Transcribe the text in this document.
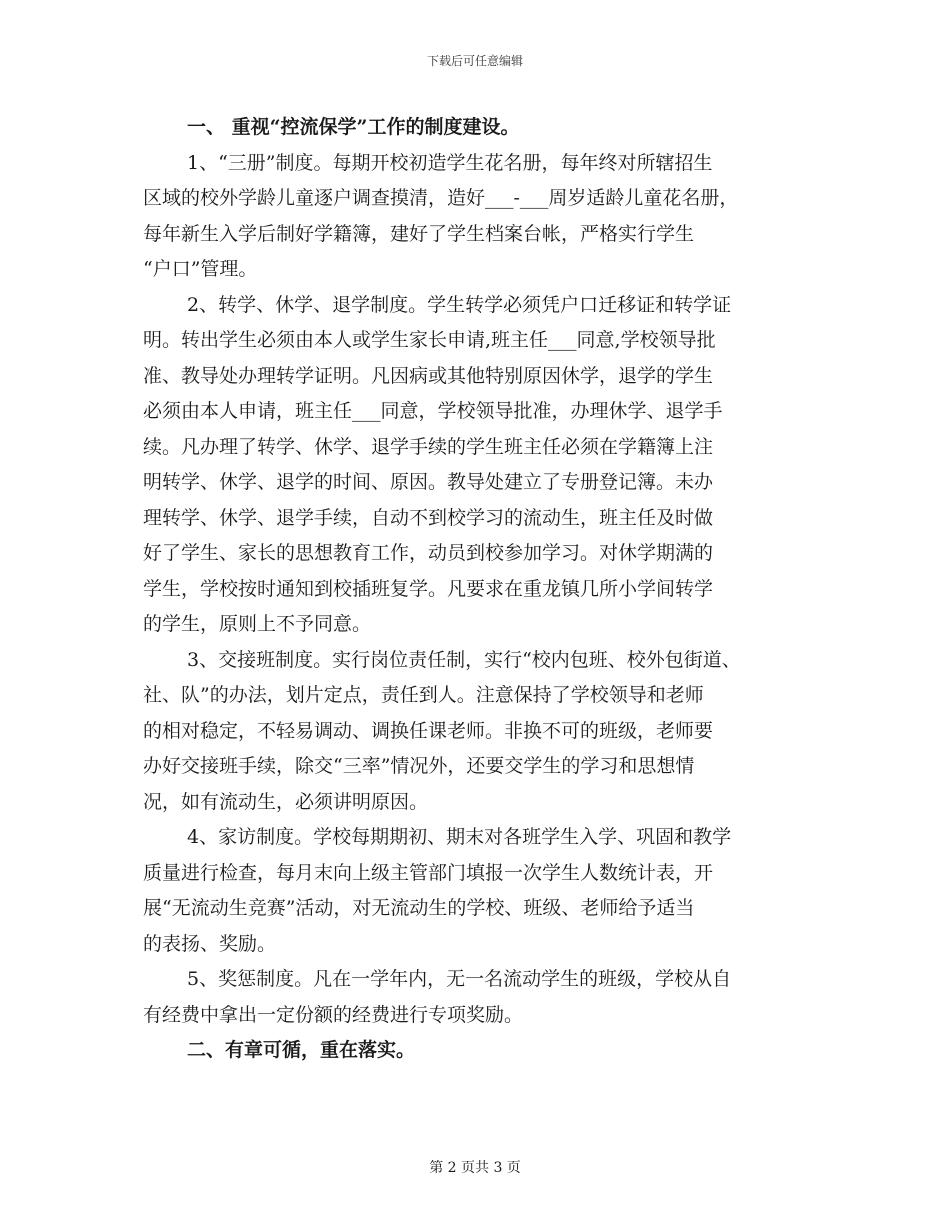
下载后可任意编辑
一、 重视“控流保学”工作的制度建设。
1、“三册”制度。每期开校初造学生花名册，每年终对所辖招生
区域的校外学龄儿童逐户调查摸清，造好___-___周岁适龄儿童花名册，
每年新生入学后制好学籍簿，建好了学生档案台帐，严格实行学生
“户口”管理。
2、转学、休学、退学制度。学生转学必须凭户口迁移证和转学证
明。转出学生必须由本人或学生家长申请,班主任___同意,学校领导批
准、教导处办理转学证明。凡因病或其他特别原因休学，退学的学生
必须由本人申请，班主任___同意，学校领导批准，办理休学、退学手
续。凡办理了转学、休学、退学手续的学生班主任必须在学籍簿上注
明转学、休学、退学的时间、原因。教导处建立了专册登记簿。未办
理转学、休学、退学手续，自动不到校学习的流动生，班主任及时做
好了学生、家长的思想教育工作，动员到校参加学习。对休学期满的
学生，学校按时通知到校插班复学。凡要求在重龙镇几所小学间转学
的学生，原则上不予同意。
3、交接班制度。实行岗位责任制，实行“校内包班、校外包街道、
社、队”的办法，划片定点，责任到人。注意保持了学校领导和老师
的相对稳定，不轻易调动、调换任课老师。非换不可的班级，老师要
办好交接班手续，除交“三率”情况外，还要交学生的学习和思想情
况，如有流动生，必须讲明原因。
4、家访制度。学校每期期初、期末对各班学生入学、巩固和教学
质量进行检查，每月末向上级主管部门填报一次学生人数统计表，开
展“无流动生竞赛”活动，对无流动生的学校、班级、老师给予适当
的表扬、奖励。
5、奖惩制度。凡在一学年内，无一名流动学生的班级，学校从自
有经费中拿出一定份额的经费进行专项奖励。
二、有章可循，重在落实。
第 2 页共 3 页
